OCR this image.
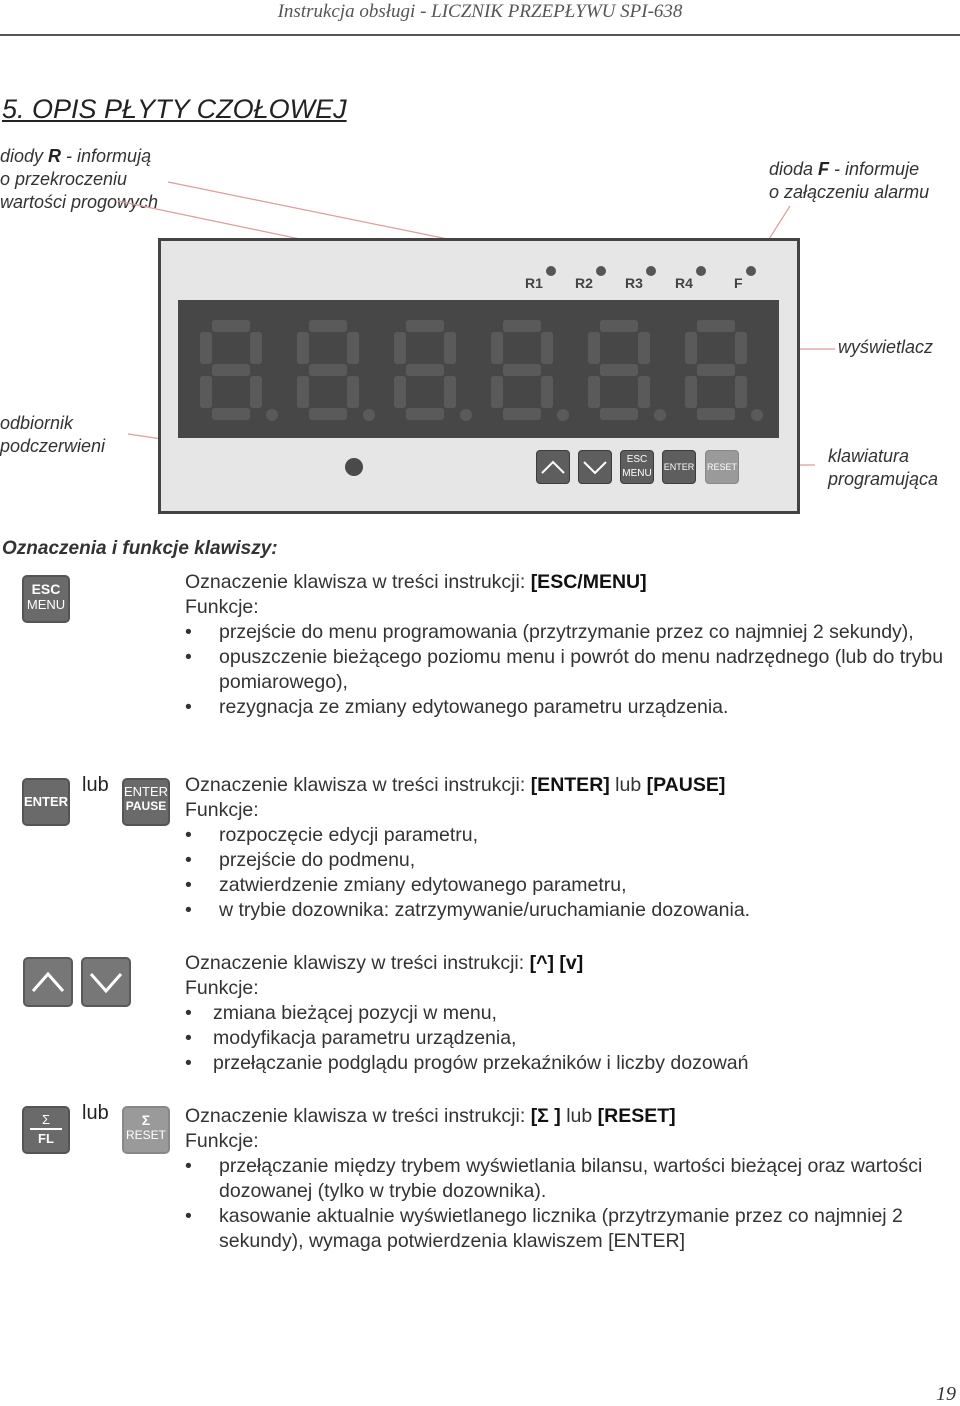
Instrukcja obsługi - LICZNIK PRZEPŁYWU SPI-638
5. OPIS PŁYTY CZOŁOWEJ
diody R - informują
o przekroczeniu
wartości progowych
dioda F - informuje
o załączeniu alarmu
wyświetlacz
odbiornik
podczerwieni	klawiatura
programująca
R1 R2 R3 R4	F
ESC
MENU
ENTER RESET
Oznaczenia i funkcje klawiszy:
ESC
MENU
Oznaczenie klawisza w treści instrukcji: [ESC/MENU]
Funkcje:
• przejście do menu programowania (przytrzymanie przez co najmniej 2 sekundy),
• opuszczenie bieżącego poziomu menu i powrót do menu nadrzędnego (lub do trybu pomiarowego),
• rezygnacja ze zmiany edytowanego parametru urządzenia.
ENTER
lub ENTER
PAUSE
Oznaczenie klawisza w treści instrukcji: [ENTER] lub [PAUSE]
Funkcje:
• rozpoczęcie edycji parametru,
• przejście do podmenu,
• zatwierdzenie zmiany edytowanego parametru,
• w trybie dozownika: zatrzymywanie/uruchamianie dozowania.
Oznaczenie klawiszy w treści instrukcji: [^] [v]
Funkcje:
• zmiana bieżącej pozycji w menu,
• modyfikacja parametru urządzenia,
• przełączanie podglądu progów przekaźników i liczby dozowań
Σ
FL
lub	Σ
RESET
Oznaczenie klawisza w treści instrukcji: [Σ ] lub [RESET]
Funkcje:
• przełączanie między trybem wyświetlania bilansu, wartości bieżącej oraz wartości dozowanej (tylko w trybie dozownika).
• kasowanie aktualnie wyświetlanego licznika (przytrzymanie przez co najmniej 2 sekundy), wymaga potwierdzenia klawiszem [ENTER]
19
